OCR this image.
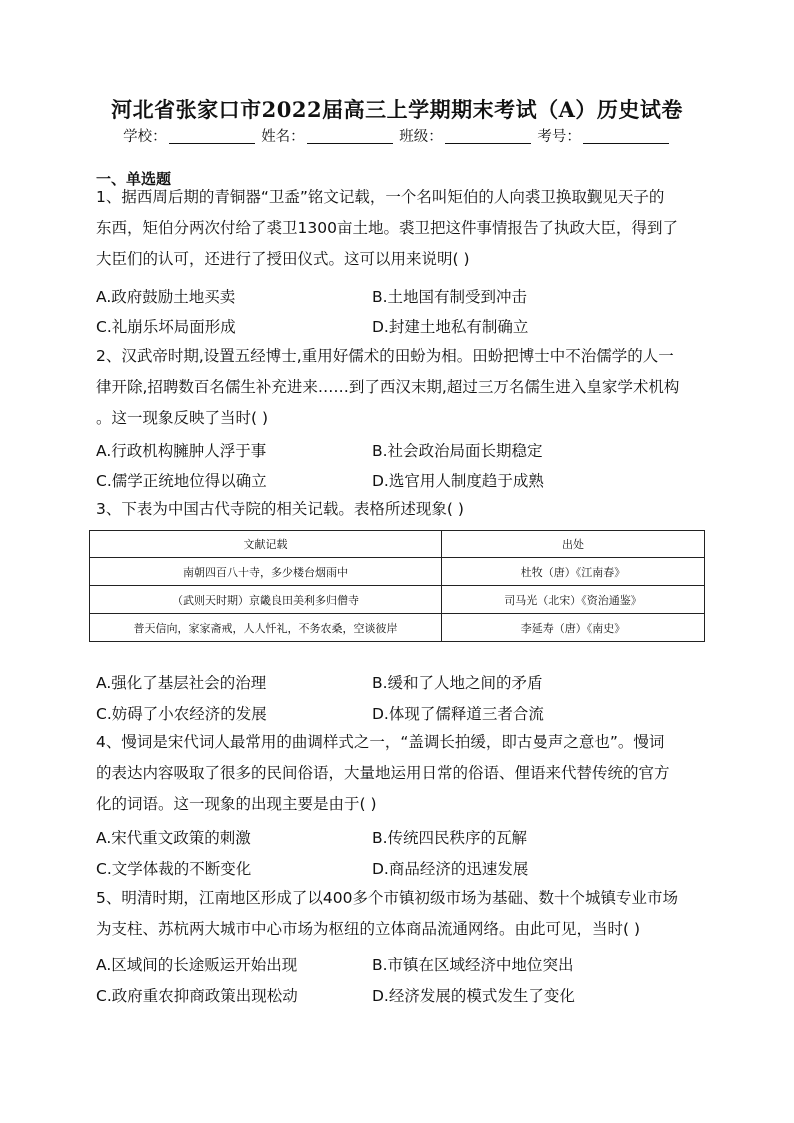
河北省张家口市2022届高三上学期期末考试（A）历史试卷
学校：	姓名：	班级：	考号：
一、单选题
1、据西周后期的青铜器“卫盉”铭文记载，一个名叫矩伯的人向裘卫换取觐见天子的
东西，矩伯分两次付给了裘卫1300亩土地。裘卫把这件事情报告了执政大臣，得到了
大臣们的认可，还进行了授田仪式。这可以用来说明( )
A.政府鼓励土地买卖	B.土地国有制受到冲击
C.礼崩乐坏局面形成	D.封建土地私有制确立
2、汉武帝时期,设置五经博士,重用好儒术的田蚡为相。田蚡把博士中不治儒学的人一
律开除,招聘数百名儒生补充进来……到了西汉末期,超过三万名儒生进入皇家学术机构
。这一现象反映了当时( )
A.行政机构臃肿人浮于事	B.社会政治局面长期稳定
C.儒学正统地位得以确立	D.选官用人制度趋于成熟
3、下表为中国古代寺院的相关记载。表格所述现象( )
文献记载	出处
南朝四百八十寺，多少楼台烟雨中	杜牧（唐）《江南春》
（武则天时期）京畿良田美利多归僧寺	司马光（北宋）《资治通鉴》
普天信向，家家斋戒，人人忏礼，不务农桑，空谈彼岸	李延寿（唐）《南史》
A.强化了基层社会的治理	B.缓和了人地之间的矛盾
C.妨碍了小农经济的发展	D.体现了儒释道三者合流
4、慢词是宋代词人最常用的曲调样式之一，“盖调长拍缓，即古曼声之意也”。慢词
的表达内容吸取了很多的民间俗语，大量地运用日常的俗语、俚语来代替传统的官方
化的词语。这一现象的出现主要是由于( )
A.宋代重文政策的刺激	B.传统四民秩序的瓦解
C.文学体裁的不断变化	D.商品经济的迅速发展
5、明清时期，江南地区形成了以400多个市镇初级市场为基础、数十个城镇专业市场
为支柱、苏杭两大城市中心市场为枢纽的立体商品流通网络。由此可见，当时( )
A.区域间的长途贩运开始出现	B.市镇在区域经济中地位突出
C.政府重农抑商政策出现松动	D.经济发展的模式发生了变化
